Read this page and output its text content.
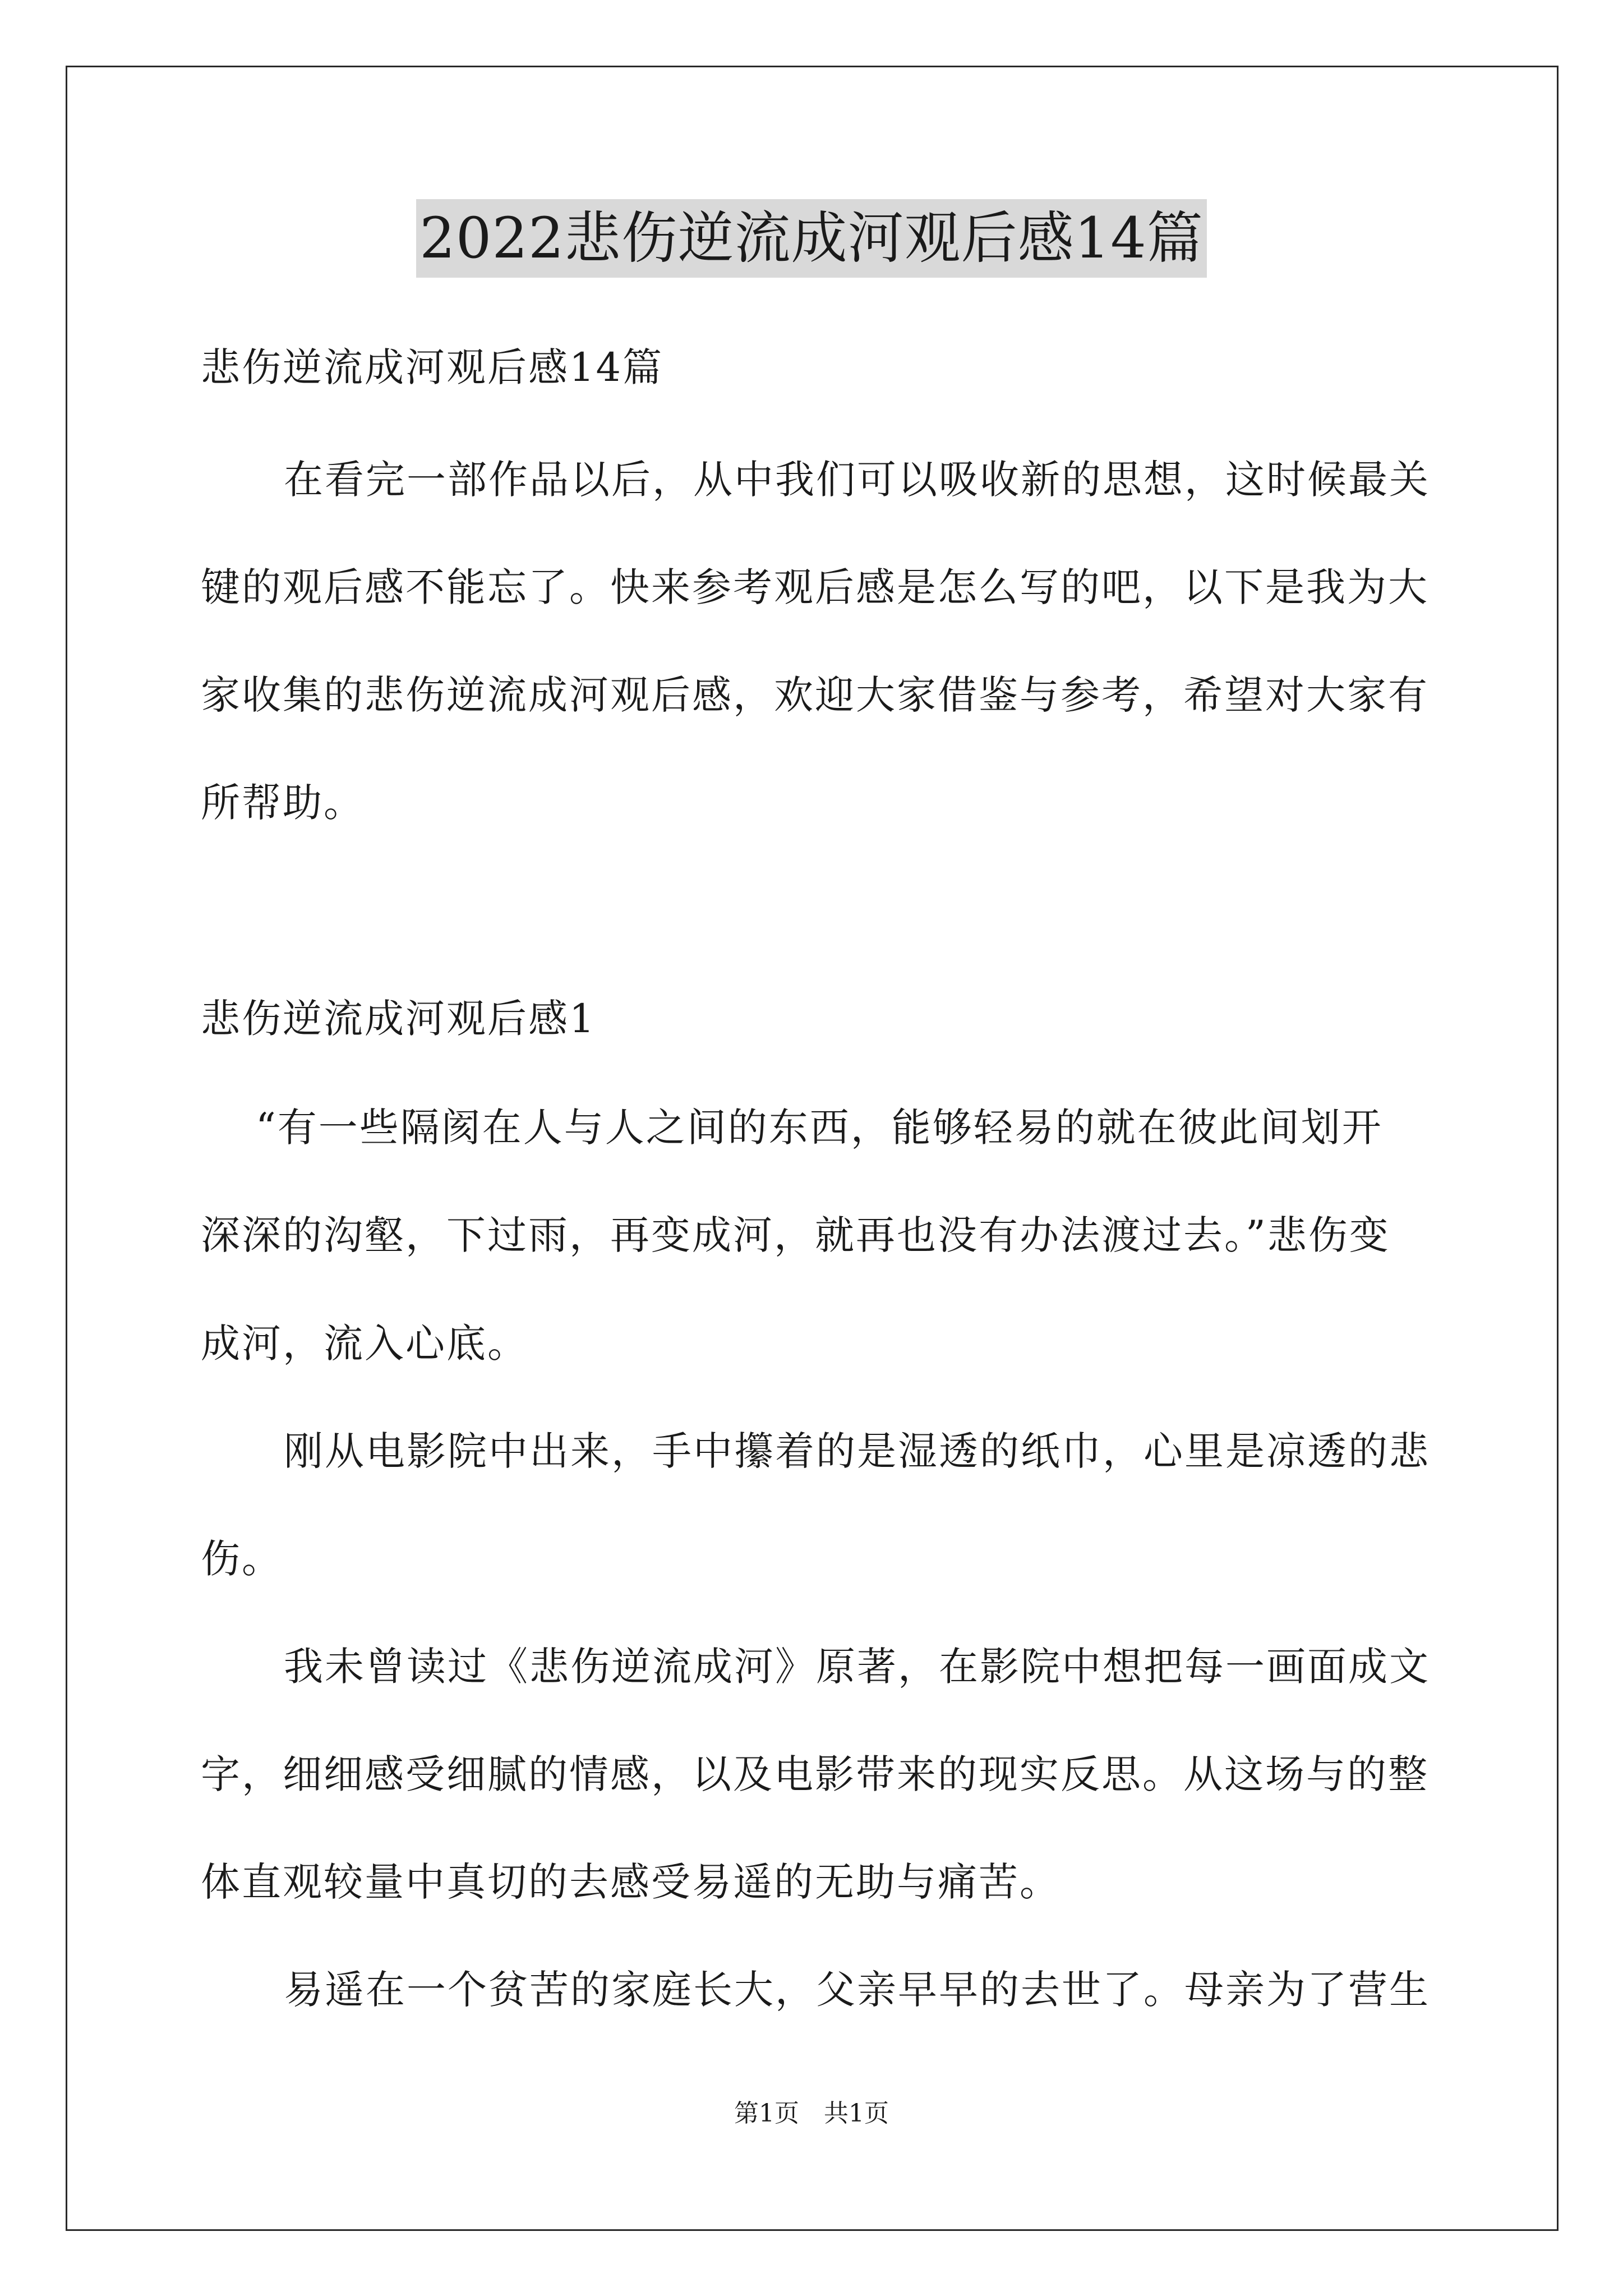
2022悲伤逆流成河观后感14篇

悲伤逆流成河观后感14篇

在看完一部作品以后，从中我们可以吸收新的思想，这时候最关

键的观后感不能忘了。快来参考观后感是怎么写的吧，以下是我为大

家收集的悲伤逆流成河观后感，欢迎大家借鉴与参考，希望对大家有

所帮助。

悲伤逆流成河观后感1

“有一些隔阂在人与人之间的东西，能够轻易的就在彼此间划开

深深的沟壑，下过雨，再变成河，就再也没有办法渡过去。”悲伤变

成河，流入心底。

刚从电影院中出来，手中攥着的是湿透的纸巾，心里是凉透的悲

伤。

我未曾读过《悲伤逆流成河》原著，在影院中想把每一画面成文

字，细细感受细腻的情感，以及电影带来的现实反思。从这场与的整

体直观较量中真切的去感受易遥的无助与痛苦。

易遥在一个贫苦的家庭长大，父亲早早的去世了。母亲为了营生

第1页 共1页
